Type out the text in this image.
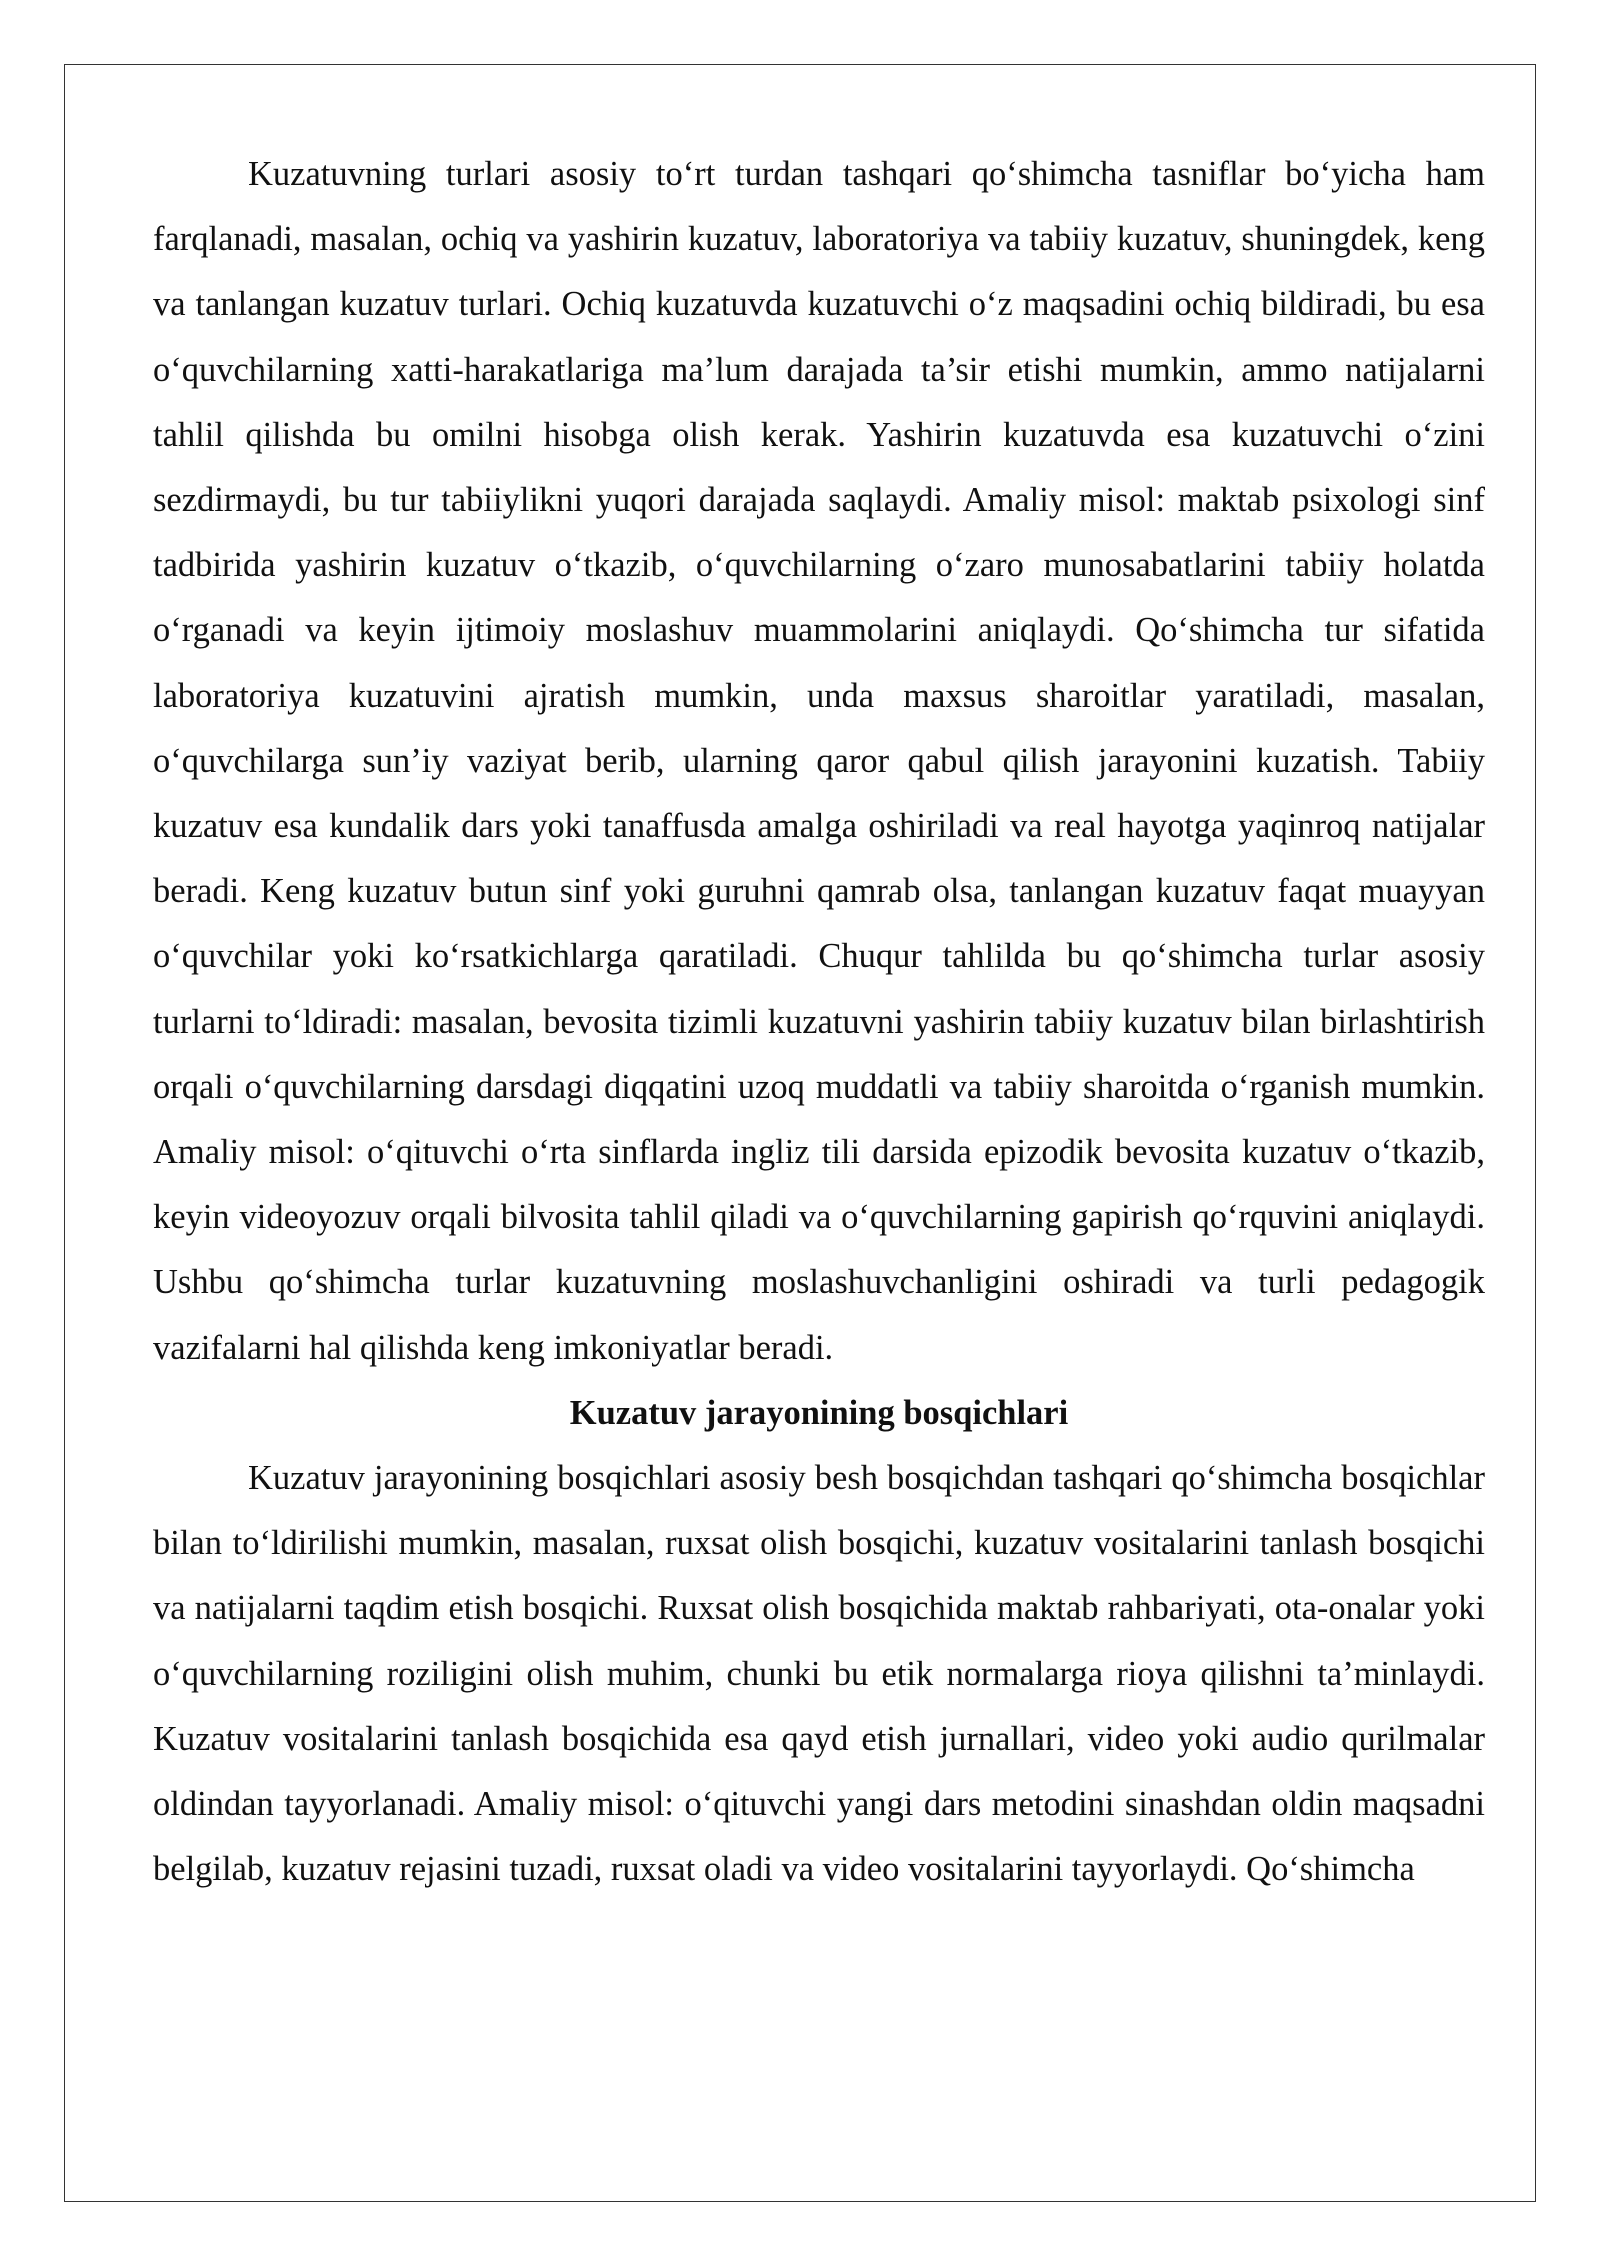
Kuzatuvning turlari asosiy to‘rt turdan tashqari qo‘shimcha tasniflar bo‘yicha ham farqlanadi, masalan, ochiq va yashirin kuzatuv, laboratoriya va tabiiy kuzatuv, shuningdek, keng va tanlangan kuzatuv turlari. Ochiq kuzatuvda kuzatuvchi o‘z maqsadini ochiq bildiradi, bu esa o‘quvchilarning xatti-harakatlariga ma’lum darajada ta’sir etishi mumkin, ammo natijalarni tahlil qilishda bu omilni hisobga olish kerak. Yashirin kuzatuvda esa kuzatuvchi o‘zini sezdirmaydi, bu tur tabiiylikni yuqori darajada saqlaydi. Amaliy misol: maktab psixologi sinf tadbirida yashirin kuzatuv o‘tkazib, o‘quvchilarning o‘zaro munosabatlarini tabiiy holatda o‘rganadi va keyin ijtimoiy moslashuv muammolarini aniqlaydi. Qo‘shimcha tur sifatida laboratoriya kuzatuvini ajratish mumkin, unda maxsus sharoitlar yaratiladi, masalan, o‘quvchilarga sun’iy vaziyat berib, ularning qaror qabul qilish jarayonini kuzatish. Tabiiy kuzatuv esa kundalik dars yoki tanaffusda amalga oshiriladi va real hayotga yaqinroq natijalar beradi. Keng kuzatuv butun sinf yoki guruhni qamrab olsa, tanlangan kuzatuv faqat muayyan o‘quvchilar yoki ko‘rsatkichlarga qaratiladi. Chuqur tahlilda bu qo‘shimcha turlar asosiy turlarni to‘ldiradi: masalan, bevosita tizimli kuzatuvni yashirin tabiiy kuzatuv bilan birlashtirish orqali o‘quvchilarning darsdagi diqqatini uzoq muddatli va tabiiy sharoitda o‘rganish mumkin. Amaliy misol: o‘qituvchi o‘rta sinflarda ingliz tili darsida epizodik bevosita kuzatuv o‘tkazib, keyin videoyozuv orqali bilvosita tahlil qiladi va o‘quvchilarning gapirish qo‘rquvini aniqlaydi. Ushbu qo‘shimcha turlar kuzatuvning moslashuvchanligini oshiradi va turli pedagogik vazifalarni hal qilishda keng imkoniyatlar beradi.

Kuzatuv jarayonining bosqichlari

Kuzatuv jarayonining bosqichlari asosiy besh bosqichdan tashqari qo‘shimcha bosqichlar bilan to‘ldirilishi mumkin, masalan, ruxsat olish bosqichi, kuzatuv vositalarini tanlash bosqichi va natijalarni taqdim etish bosqichi. Ruxsat olish bosqichida maktab rahbariyati, ota-onalar yoki o‘quvchilarning roziligini olish muhim, chunki bu etik normalarga rioya qilishni ta’minlaydi. Kuzatuv vositalarini tanlash bosqichida esa qayd etish jurnallari, video yoki audio qurilmalar oldindan tayyorlanadi. Amaliy misol: o‘qituvchi yangi dars metodini sinashdan oldin maqsadni belgilab, kuzatuv rejasini tuzadi, ruxsat oladi va video vositalarini tayyorlaydi. Qo‘shimcha
